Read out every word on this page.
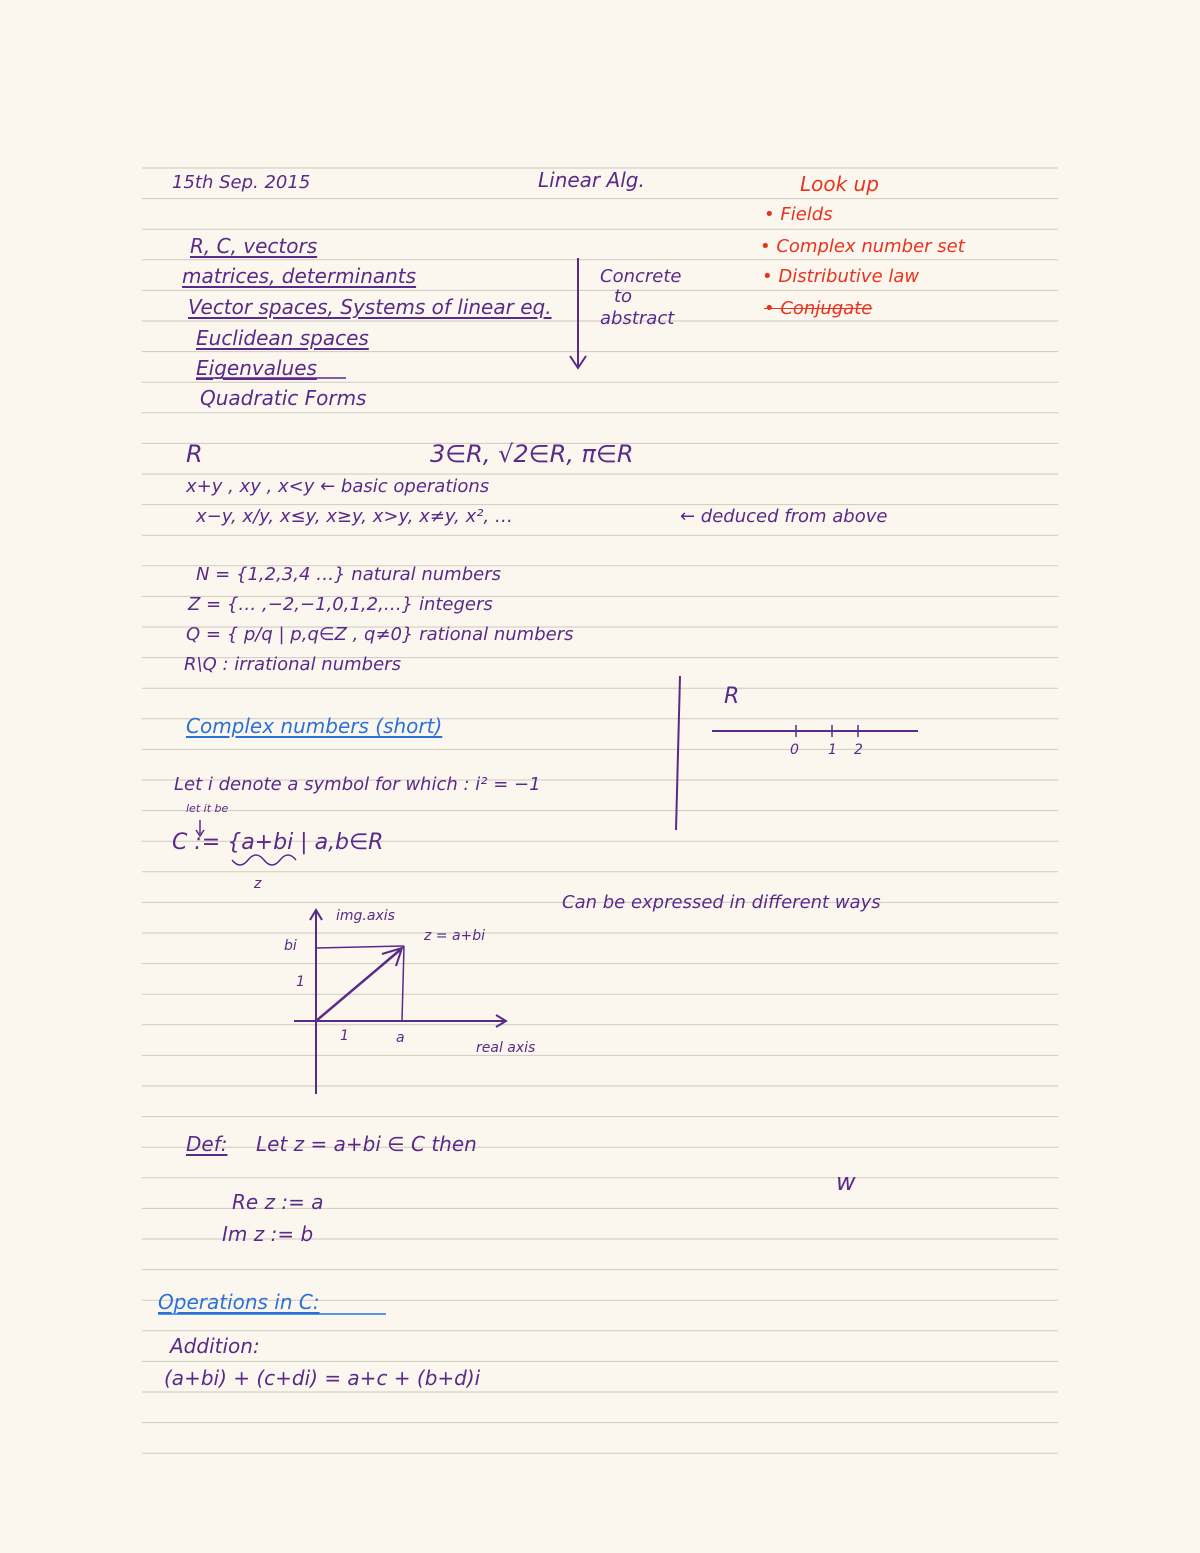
15th Sep. 2015	Linear Alg.	Look up
• Fields
• Complex number set
• Distributive law
• Conjugate
R, C, vectors
matrices, determinants
Vector spaces, Systems of linear eq.
Euclidean spaces
Eigenvalues
Quadratic Forms
Concrete
to
abstract
R	3∈R, √2∈R, π∈R
x+y , xy , x<y ← basic operations
x−y, x/y, x≤y, x≥y, x>y, x≠y, x², …	← deduced from above
N = {1,2,3,4 …} natural numbers
Z = {… ,−2,−1,0,1,2,…} integers
Q = { p/q | p,q∈Z , q≠0} rational numbers
R\Q : irrational numbers
R
0 1 2
Complex numbers (short)
Let i denote a symbol for which : i² = −1
let it be
C := {a+bi | a,b∈R
z
Can be expressed in different ways
img.axis
z = a+bi
bi
1
1	a
real axis
Def: Let z = a+bi ∈ C then
Re z := a
Im z := b
ᴡ
Operations in C:
Addition:
(a+bi) + (c+di) = a+c + (b+d)i
